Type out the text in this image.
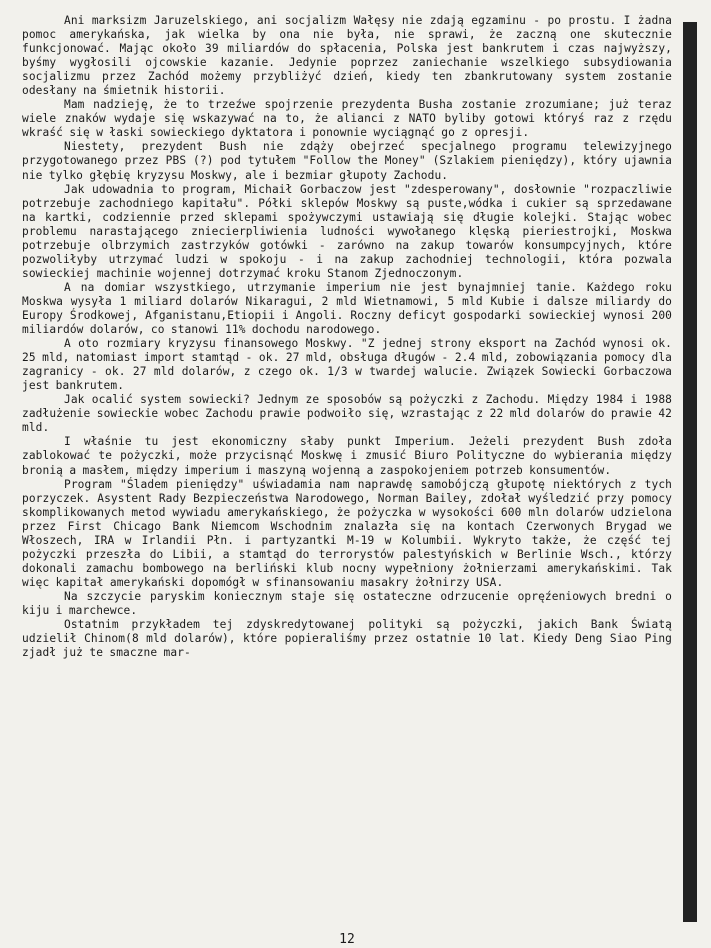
Ani marksizm Jaruzelskiego, ani socjalizm Wałęsy nie zdają egzaminu - po prostu. I żadna pomoc amerykańska, jak wielka by ona nie była, nie sprawi, że zaczną one skutecznie funkcjonować. Mając około 39 miliardów do spłacenia, Polska jest bankrutem i czas najwyższy, byśmy wygłosili ojcowskie kazanie. Jedynie poprzez zaniechanie wszelkiego subsydiowania socjalizmu przez Zachód możemy przybliżyć dzień, kiedy ten zbankrutowany system zostanie odesłany na śmietnik historii.

Mam nadzieję, że to trzeźwe spojrzenie prezydenta Busha zostanie zrozumiane; już teraz wiele znaków wydaje się wskazywać na to, że alianci z NATO byliby gotowi któryś raz z rzędu wkraść się w łaski sowieckiego dyktatora i ponownie wyciągnąć go z opresji.

Niestety, prezydent Bush nie zdąży obejrzeć specjalnego programu telewizyjnego przygotowanego przez PBS (?) pod tytułem "Follow the Money" (Szlakiem pieniędzy), który ujawnia nie tylko głębię kryzysu Moskwy, ale i bezmiar głupoty Zachodu.

Jak udowadnia to program, Michaił Gorbaczow jest "zdesperowany", dosłownie "rozpaczliwie potrzebuje zachodniego kapitału". Półki sklepów Moskwy są puste,wódka i cukier są sprzedawane na kartki, codziennie przed sklepami spożywczymi ustawiają się długie kolejki. Stając wobec problemu narastającego zniecierpliwienia ludności wywołanego klęską pieriestrojki, Moskwa potrzebuje olbrzymich zastrzyków gotówki - zarówno na zakup towarów konsumpcyjnych, które pozwoliłyby utrzymać ludzi w spokoju - i na zakup zachodniej technologii, która pozwala sowieckiej machinie wojennej dotrzymać kroku Stanom Zjednoczonym.

A na domiar wszystkiego, utrzymanie imperium nie jest bynajmniej tanie. Każdego roku Moskwa wysyła 1 miliard dolarów Nikaragui, 2 mld Wietnamowi, 5 mld Kubie i dalsze miliardy do Europy Środkowej, Afganistanu,Etiopii i Angoli. Roczny deficyt gospodarki sowieckiej wynosi 200 miliardów dolarów, co stanowi 11% dochodu narodowego.

A oto rozmiary kryzysu finansowego Moskwy. "Z jednej strony eksport na Zachód wynosi ok. 25 mld, natomiast import stamtąd - ok. 27 mld, obsługa długów - 2.4 mld, zobowiązania pomocy dla zagranicy - ok. 27 mld dolarów, z czego ok. 1/3 w twardej walucie. Związek Sowiecki Gorbaczowa jest bankrutem.

Jak ocalić system sowiecki? Jednym ze sposobów są pożyczki z Zachodu. Między 1984 i 1988 zadłużenie sowieckie wobec Zachodu prawie podwoiło się, wzrastając z 22 mld dolarów do prawie 42 mld.

I właśnie tu jest ekonomiczny słaby punkt Imperium. Jeżeli prezydent Bush zdoła zablokować te pożyczki, może przycisnąć Moskwę i zmusić Biuro Polityczne do wybierania między bronią a masłem, między imperium i maszyną wojenną a zaspokojeniem potrzeb konsumentów.

Program "Śladem pieniędzy" uświadamia nam naprawdę samobójczą głupotę niektórych z tych porzyczek. Asystent Rady Bezpieczeństwa Narodowego, Norman Bailey, zdołał wyśledzić przy pomocy skomplikowanych metod wywiadu amerykańskiego, że pożyczka w wysokości 600 mln dolarów udzielona przez First Chicago Bank Niemcom Wschodnim znalazła się na kontach Czerwonych Brygad we Włoszech, IRA w Irlandii Płn. i partyzantki M-19 w Kolumbii. Wykryto także, że część tej pożyczki przeszła do Libii, a stamtąd do terrorystów palestyńskich w Berlinie Wsch., którzy dokonali zamachu bombowego na berliński klub nocny wypełniony żołnierzami amerykańskimi. Tak więc kapitał amerykański dopomógł w sfinansowaniu masakry żołnirzy USA.

Na szczycie paryskim koniecznym staje się ostateczne odrzucenie opręźeniowych bredni o kiju i marchewce.

Ostatnim przykładem tej zdyskredytowanej polityki są pożyczki, jakich Bank Światą udzielił Chinom(8 mld dolarów), które popieraliśmy przez ostatnie 10 lat. Kiedy Deng Siao Ping zjadł już te smaczne mar-

12
